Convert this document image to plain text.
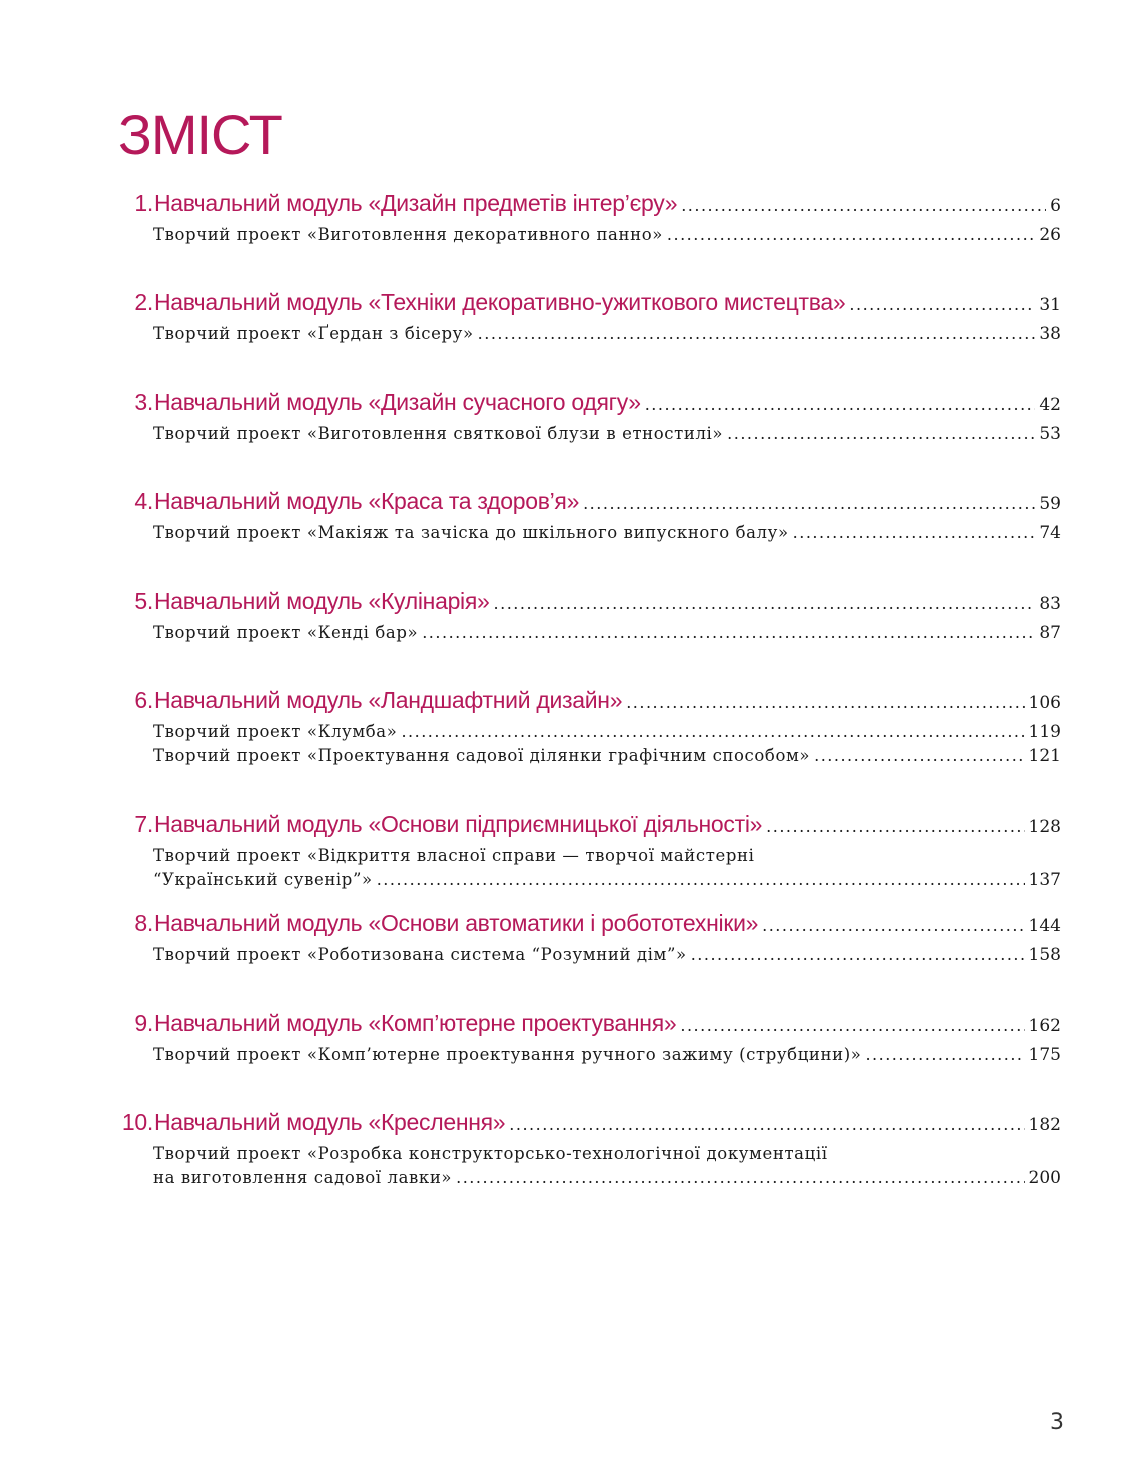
ЗМІСТ
1. Навчальний модуль «Дизайн предметів інтер’єру» .....	6
Творчий проект «Виготовлення декоративного панно» .....	26
2. Навчальний модуль «Техніки декоративно-ужиткового мистецтва» .....	31
Творчий проект «Ґердан з бісеру» .....	38
3. Навчальний модуль «Дизайн сучасного одягу» .....	42
Творчий проект «Виготовлення святкової блузи в етностилі» .....	53
4. Навчальний модуль «Краса та здоров’я» .....	59
Творчий проект «Макіяж та зачіска до шкільного випускного балу» .....	74
5. Навчальний модуль «Кулінарія» .....	83
Творчий проект «Кенді бар» .....	87
6. Навчальний модуль «Ландшафтний дизайн» .....	106
Творчий проект «Клумба» .....	119
Творчий проект «Проектування садової ділянки графічним способом» .....	121
7. Навчальний модуль «Основи підприємницької діяльності» .....	128
Творчий проект «Відкриття власної справи — творчої майстерні
“Український сувенір”» .....	137
8. Навчальний модуль «Основи автоматики і робототехніки» .....	144
Творчий проект «Роботизована система “Розумний дім”» .....	158
9. Навчальний модуль «Комп’ютерне проектування» .....	162
Творчий проект «Комп’ютерне проектування ручного зажиму (струбцини)» .....	175
10. Навчальний модуль «Креслення» .....	182
Творчий проект «Розробка конструкторсько-технологічної документації
на виготовлення садової лавки» .....	200
3
